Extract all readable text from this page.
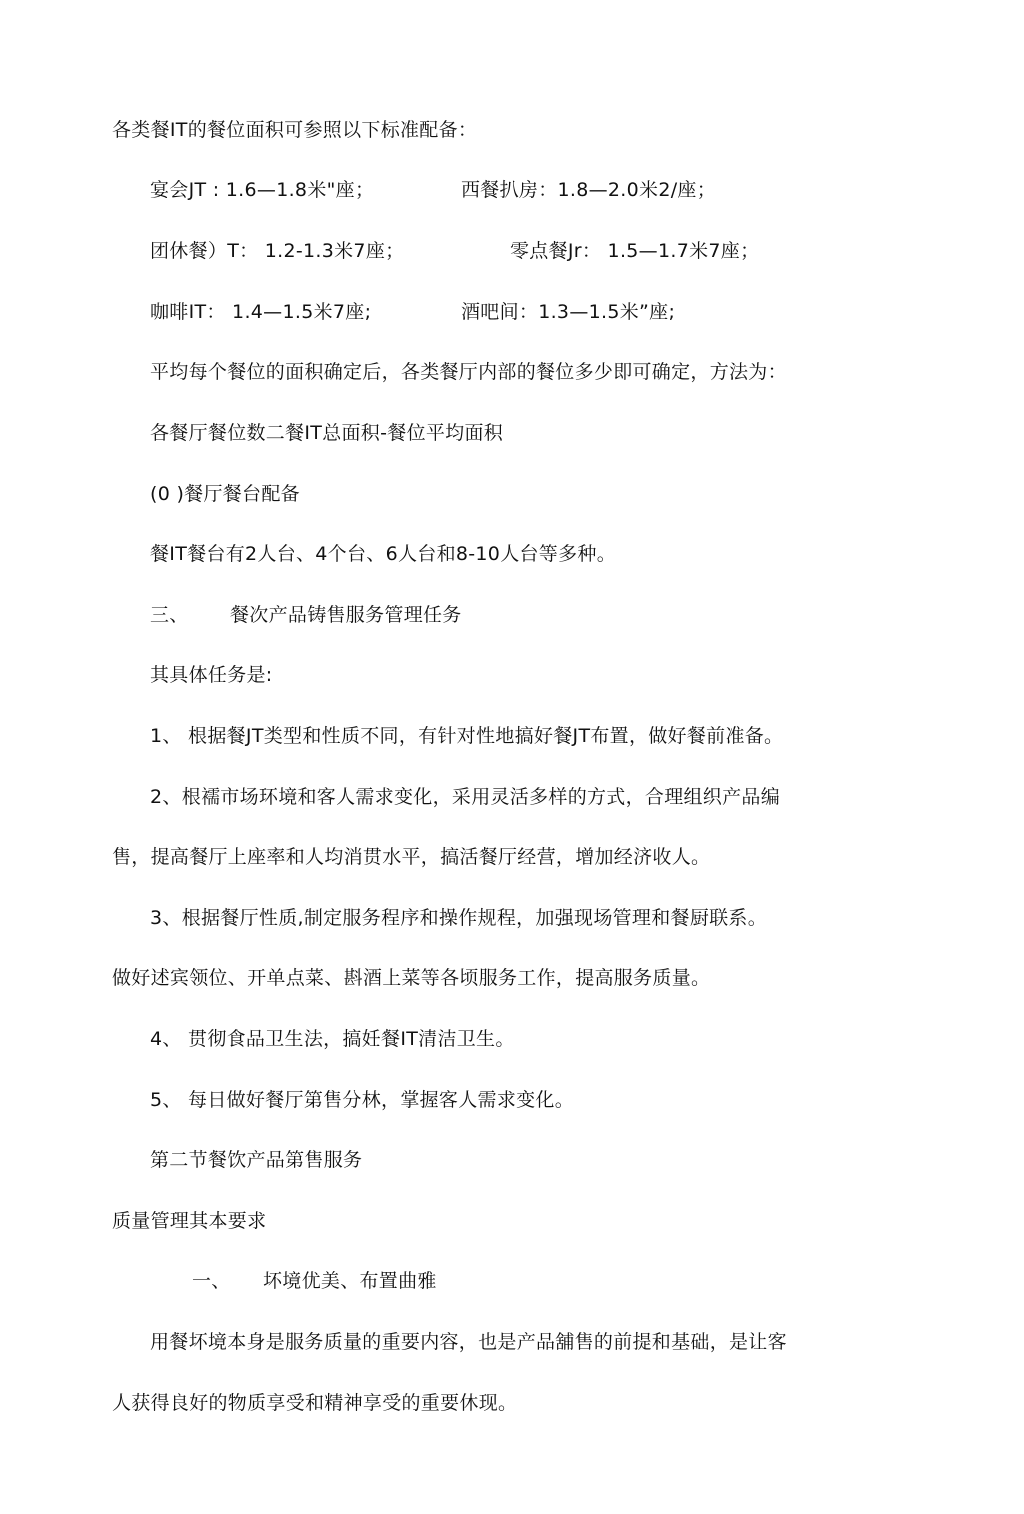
各类餐IT的餐位面积可参照以下标准配备：
宴会JT : 1.6—1.8米"座；	西餐扒房：1.8—2.0米2/座；
团休餐）T： 1.2-1.3米7座；	零点餐Jr： 1.5—1.7米7座；
咖啡IT： 1.4—1.5米7座;	酒吧间：1.3—1.5米”座;
平均每个餐位的面积确定后，各类餐厅内部的餐位多少即可确定，方法为：
各餐厅餐位数二餐IT总面积-餐位平均面积
(0 )餐厅餐台配备
餐IT餐台有2人台、4个台、6人台和8-10人台等多种。
三、 餐次产品铸售服务管理任务
其具体任务是:
1、 根据餐JT类型和性质不同，有针对性地搞好餐JT布置，做好餐前准备。
2、根襦市场环境和客人需求变化，采用灵活多样的方式，合理组织产品编
售，提高餐厅上座率和人均消贯水平，搞活餐厅经营，增加经济收人。
3、根据餐厅性质,制定服务程序和操作规程，加强现场管理和餐厨联系。
做好述宾领位、开单点菜、斟酒上菜等各顷服务工作，提高服务质量。
4、 贯彻食品卫生法，搞妊餐IT清洁卫生。
5、 每日做好餐厅第售分林，掌握客人需求变化。
第二节餐饮产品第售服务
质量管理其本要求
一、 坏境优美、布置曲雅
用餐坏境本身是服务质量的重要内容，也是产品舖售的前提和基础，是让客
人获得良好的物质享受和精神享受的重要休现。
